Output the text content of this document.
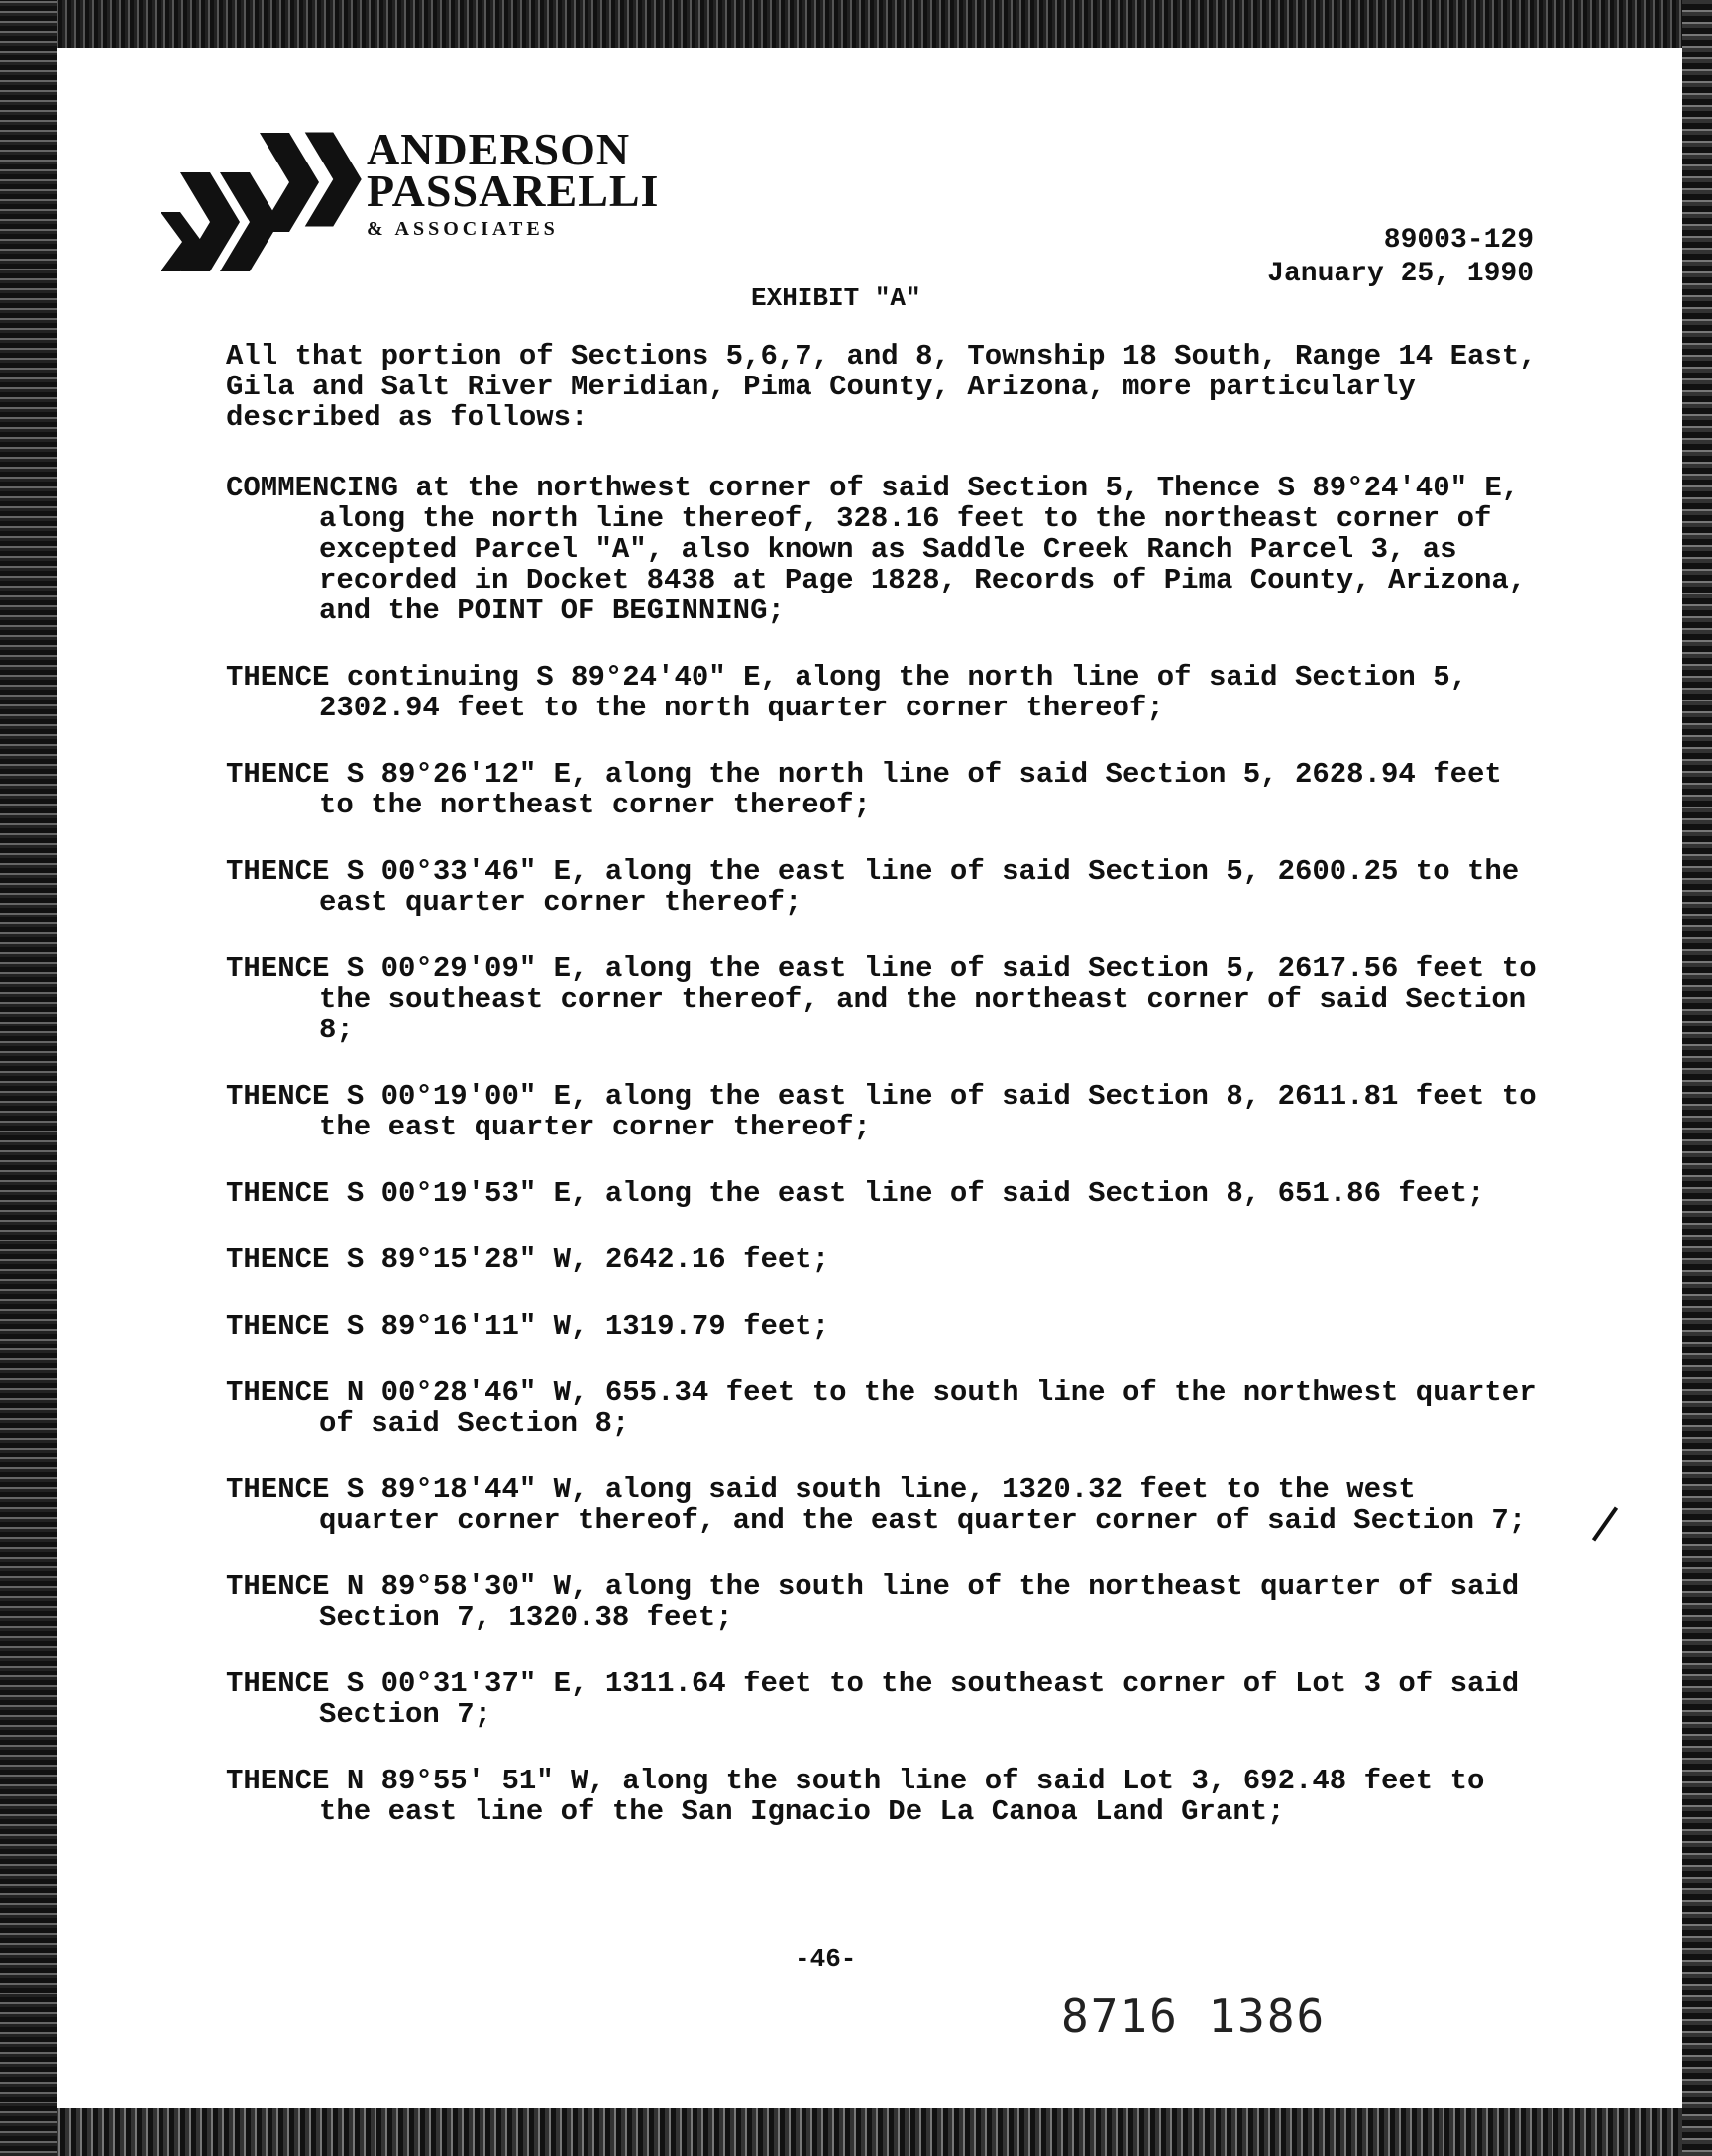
ANDERSON
PASSARELLI
& ASSOCIATES	89003-129
January 25, 1990
EXHIBIT "A"

All that portion of Sections 5,6,7, and 8, Township 18 South, Range 14 East, Gila and Salt River Meridian, Pima County, Arizona, more particularly described as follows:

COMMENCING at the northwest corner of said Section 5, Thence S 89°24'40" E, along the north line thereof, 328.16 feet to the northeast corner of excepted Parcel "A", also known as Saddle Creek Ranch Parcel 3, as recorded in Docket 8438 at Page 1828, Records of Pima County, Arizona, and the POINT OF BEGINNING;

THENCE continuing S 89°24'40" E, along the north line of said Section 5, 2302.94 feet to the north quarter corner thereof;

THENCE S 89°26'12" E, along the north line of said Section 5, 2628.94 feet to the northeast corner thereof;

THENCE S 00°33'46" E, along the east line of said Section 5, 2600.25 to the east quarter corner thereof;

THENCE S 00°29'09" E, along the east line of said Section 5, 2617.56 feet to the southeast corner thereof, and the northeast corner of said Section 8;

THENCE S 00°19'00" E, along the east line of said Section 8, 2611.81 feet to the east quarter corner thereof;

THENCE S 00°19'53" E, along the east line of said Section 8, 651.86 feet;

THENCE S 89°15'28" W, 2642.16 feet;

THENCE S 89°16'11" W, 1319.79 feet;

THENCE N 00°28'46" W, 655.34 feet to the south line of the northwest quarter of said Section 8;

THENCE S 89°18'44" W, along said south line, 1320.32 feet to the west quarter corner thereof, and the east quarter corner of said Section 7;

THENCE N 89°58'30" W, along the south line of the northeast quarter of said Section 7, 1320.38 feet;

THENCE S 00°31'37" E, 1311.64 feet to the southeast corner of Lot 3 of said Section 7;

THENCE N 89°55' 51" W, along the south line of said Lot 3, 692.48 feet to the east line of the San Ignacio De La Canoa Land Grant;

-46-
8716 1386
